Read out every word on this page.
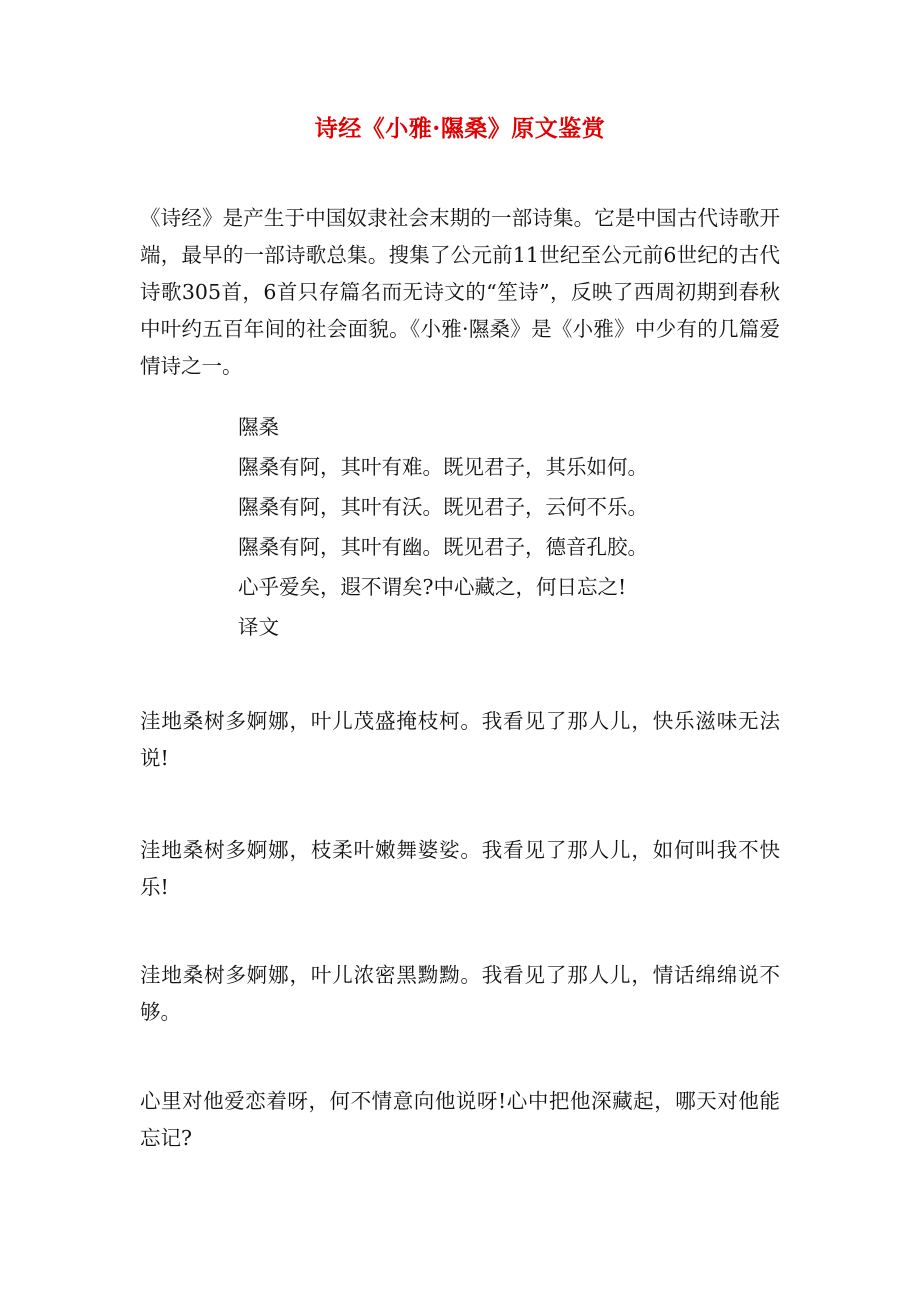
诗经《小雅·隰桑》原文鉴赏

《诗经》是产生于中国奴隶社会末期的一部诗集。它是中国古代诗歌开端，最早的一部诗歌总集。搜集了公元前11世纪至公元前6世纪的古代诗歌305首，6首只存篇名而无诗文的“笙诗”，反映了西周初期到春秋中叶约五百年间的社会面貌。《小雅·隰桑》是《小雅》中少有的几篇爱情诗之一。

隰桑
隰桑有阿，其叶有难。既见君子，其乐如何。
隰桑有阿，其叶有沃。既见君子，云何不乐。
隰桑有阿，其叶有幽。既见君子，德音孔胶。
心乎爱矣，遐不谓矣?中心藏之，何日忘之!
译文

洼地桑树多婀娜，叶儿茂盛掩枝柯。我看见了那人儿，快乐滋味无法说!

洼地桑树多婀娜，枝柔叶嫩舞婆娑。我看见了那人儿，如何叫我不快乐!

洼地桑树多婀娜，叶儿浓密黑黝黝。我看见了那人儿，情话绵绵说不够。

心里对他爱恋着呀，何不情意向他说呀!心中把他深藏起，哪天对他能忘记?
